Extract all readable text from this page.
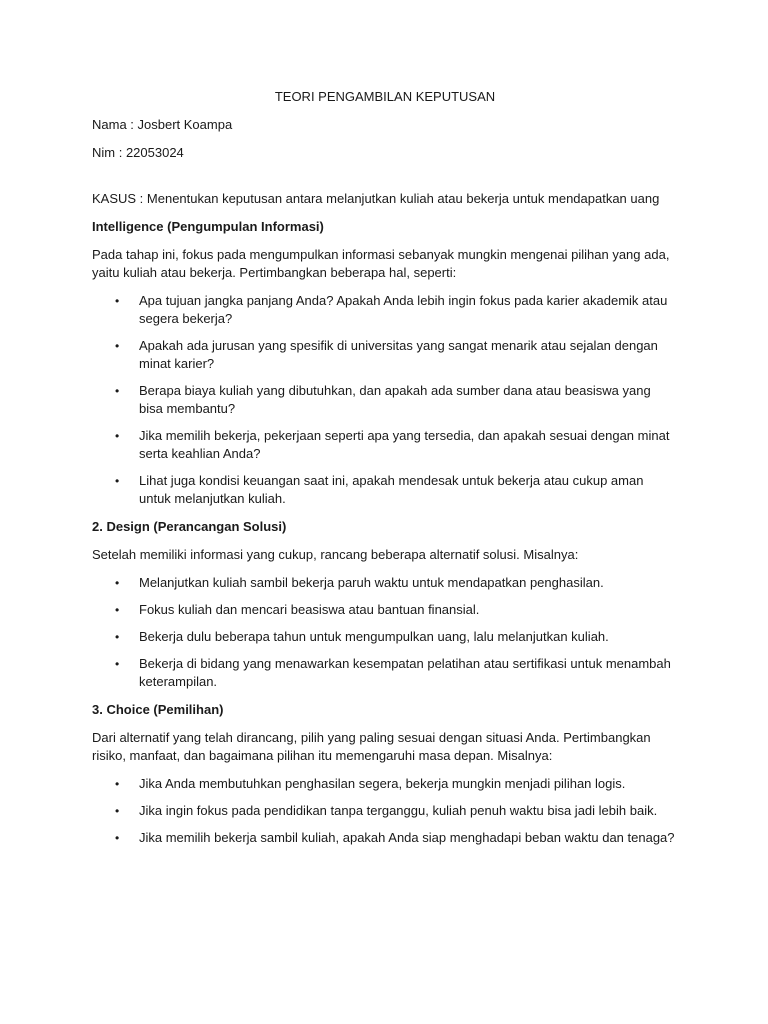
TEORI PENGAMBILAN KEPUTUSAN
Nama : Josbert Koampa
Nim : 22053024
KASUS : Menentukan keputusan antara melanjutkan kuliah atau bekerja untuk mendapatkan uang
Intelligence (Pengumpulan Informasi)
Pada tahap ini, fokus pada mengumpulkan informasi sebanyak mungkin mengenai pilihan yang ada, yaitu kuliah atau bekerja. Pertimbangkan beberapa hal, seperti:
• Apa tujuan jangka panjang Anda? Apakah Anda lebih ingin fokus pada karier akademik atau segera bekerja?
• Apakah ada jurusan yang spesifik di universitas yang sangat menarik atau sejalan dengan minat karier?
• Berapa biaya kuliah yang dibutuhkan, dan apakah ada sumber dana atau beasiswa yang bisa membantu?
• Jika memilih bekerja, pekerjaan seperti apa yang tersedia, dan apakah sesuai dengan minat serta keahlian Anda?
• Lihat juga kondisi keuangan saat ini, apakah mendesak untuk bekerja atau cukup aman untuk melanjutkan kuliah.
2. Design (Perancangan Solusi)
Setelah memiliki informasi yang cukup, rancang beberapa alternatif solusi. Misalnya:
• Melanjutkan kuliah sambil bekerja paruh waktu untuk mendapatkan penghasilan.
• Fokus kuliah dan mencari beasiswa atau bantuan finansial.
• Bekerja dulu beberapa tahun untuk mengumpulkan uang, lalu melanjutkan kuliah.
• Bekerja di bidang yang menawarkan kesempatan pelatihan atau sertifikasi untuk menambah keterampilan.
3. Choice (Pemilihan)
Dari alternatif yang telah dirancang, pilih yang paling sesuai dengan situasi Anda. Pertimbangkan risiko, manfaat, dan bagaimana pilihan itu memengaruhi masa depan. Misalnya:
• Jika Anda membutuhkan penghasilan segera, bekerja mungkin menjadi pilihan logis.
• Jika ingin fokus pada pendidikan tanpa terganggu, kuliah penuh waktu bisa jadi lebih baik.
• Jika memilih bekerja sambil kuliah, apakah Anda siap menghadapi beban waktu dan tenaga?
